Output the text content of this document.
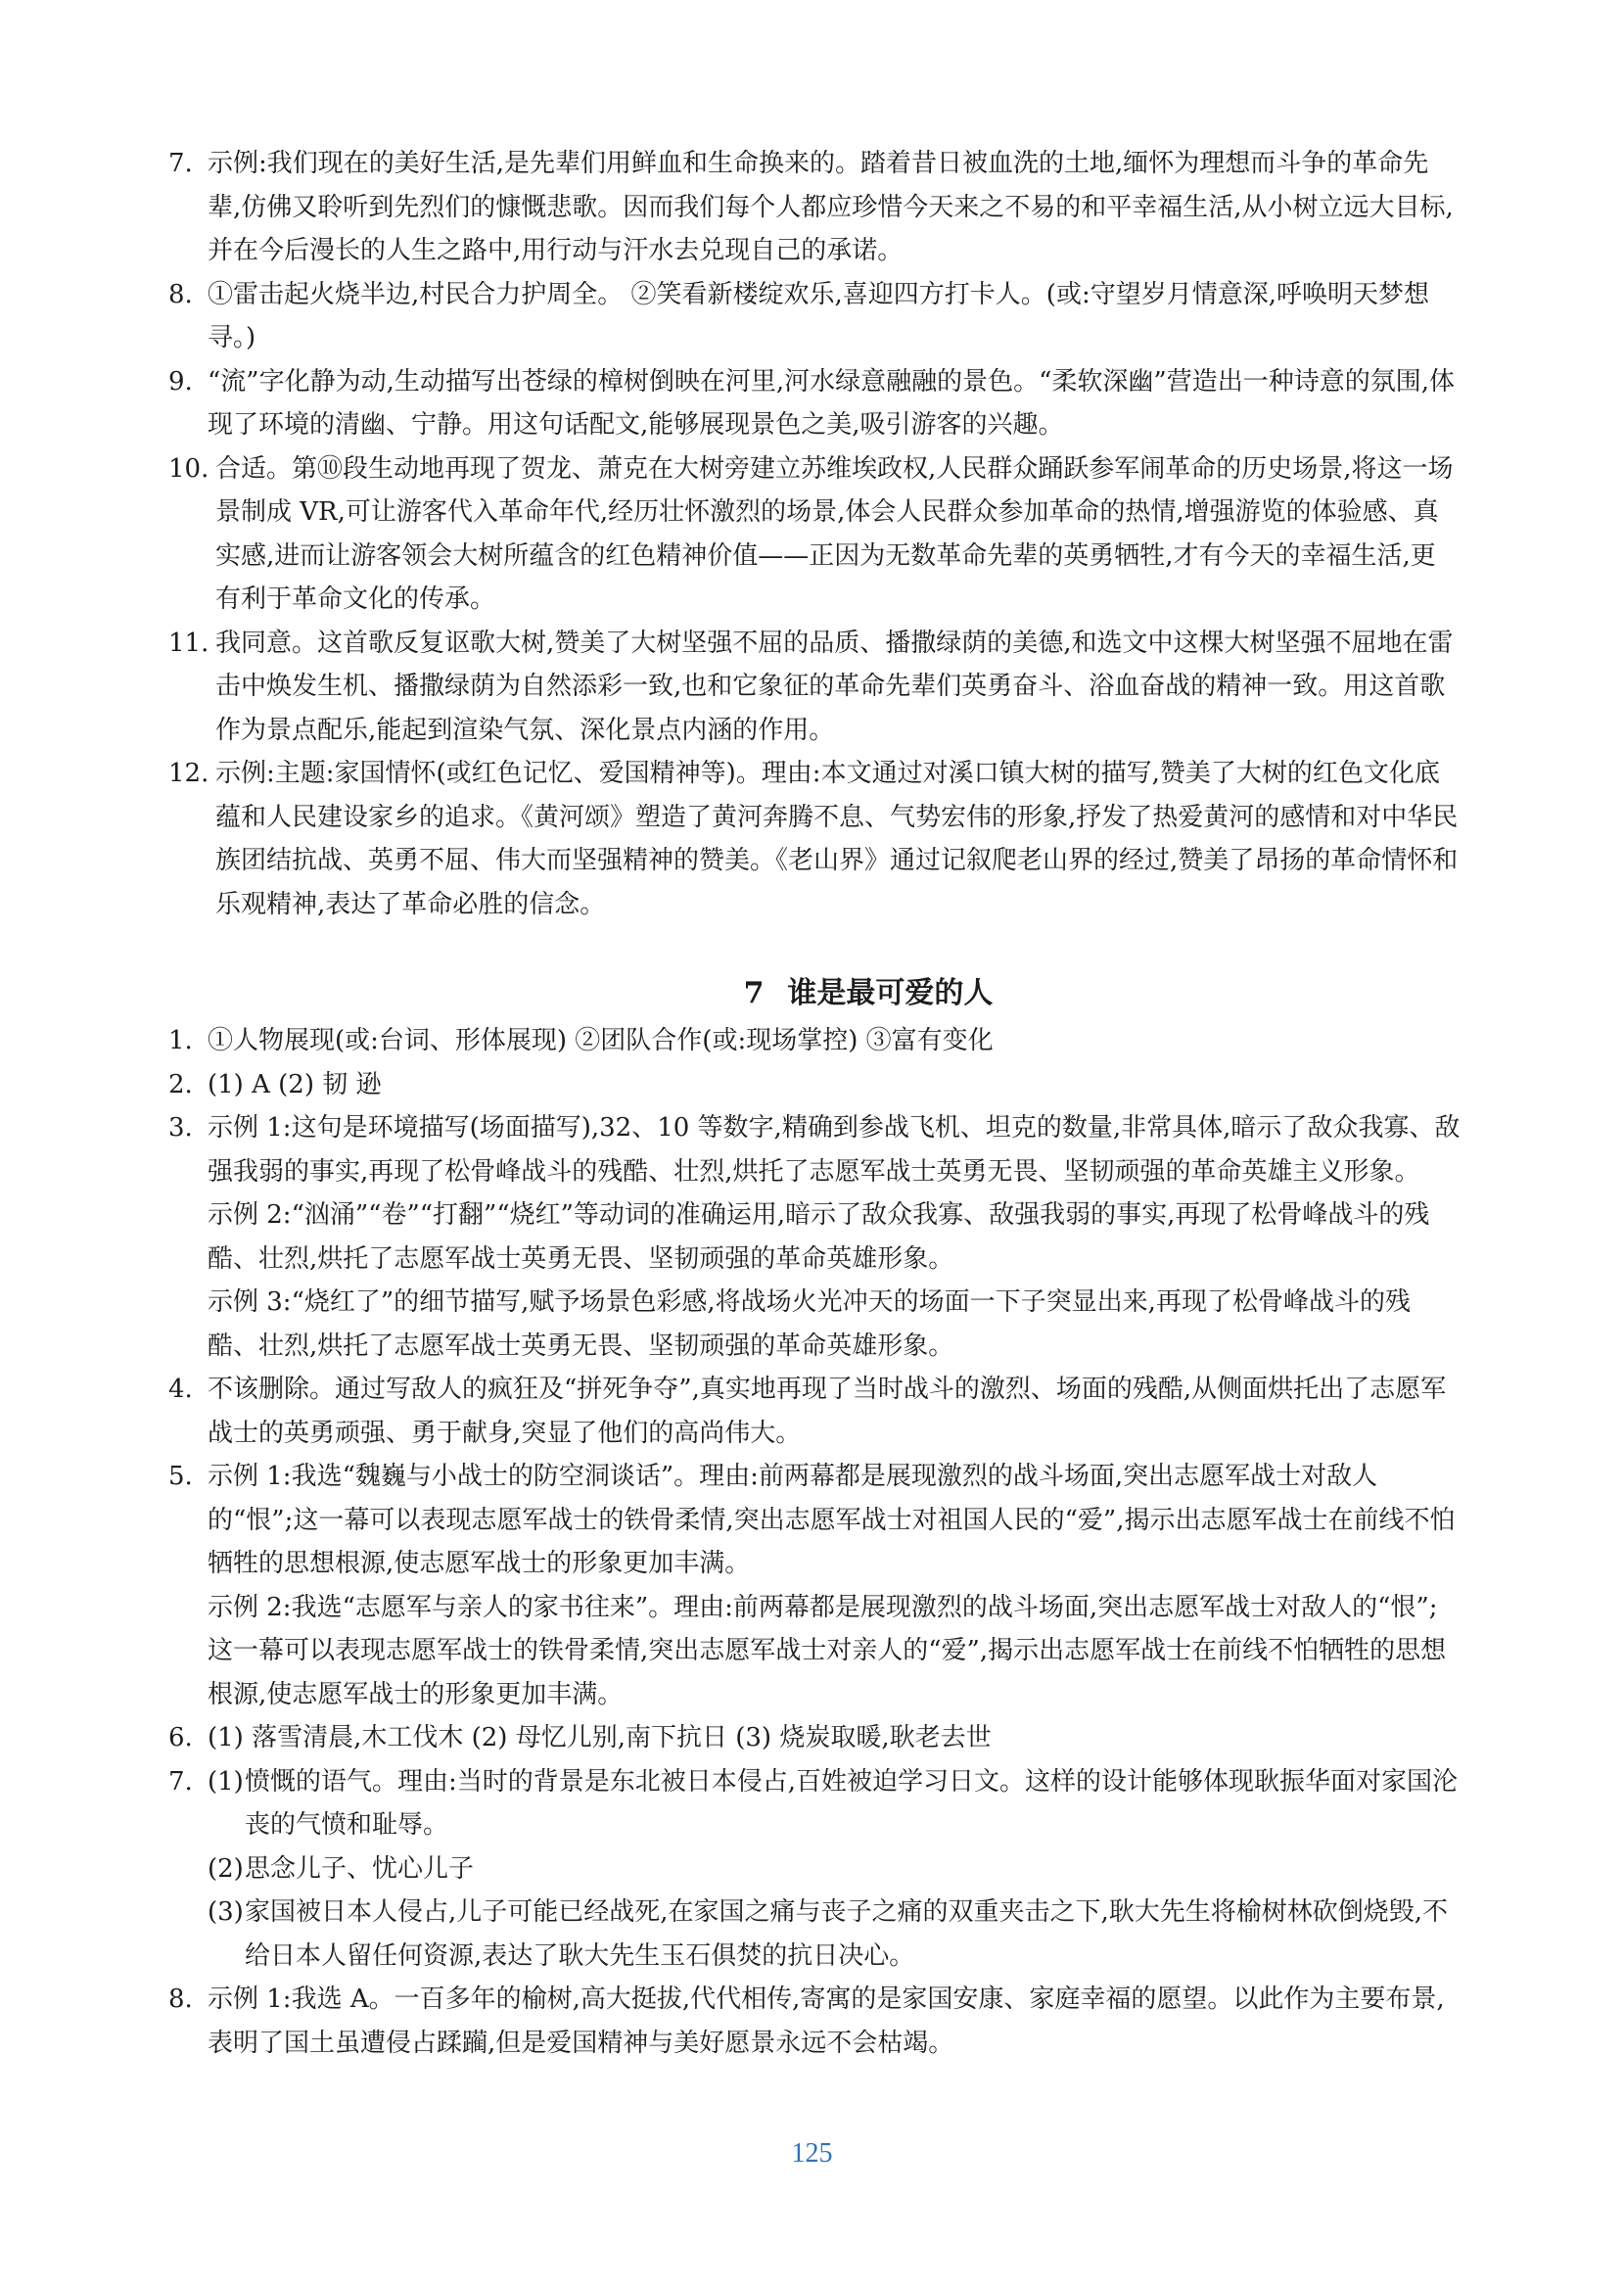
7. 示例:我们现在的美好生活,是先辈们用鲜血和生命换来的。踏着昔日被血洗的土地,缅怀为理想而斗争的革命先辈,仿佛又聆听到先烈们的慷慨悲歌。因而我们每个人都应珍惜今天来之不易的和平幸福生活,从小树立远大目标,并在今后漫长的人生之路中,用行动与汗水去兑现自己的承诺。
8. ①雷击起火烧半边,村民合力护周全。 ②笑看新楼绽欢乐,喜迎四方打卡人。(或:守望岁月情意深,呼唤明天梦想寻。)
9. “流”字化静为动,生动描写出苍绿的樟树倒映在河里,河水绿意融融的景色。“柔软深幽”营造出一种诗意的氛围,体现了环境的清幽、宁静。用这句话配文,能够展现景色之美,吸引游客的兴趣。
10. 合适。第⑩段生动地再现了贺龙、萧克在大树旁建立苏维埃政权,人民群众踊跃参军闹革命的历史场景,将这一场景制成 VR,可让游客代入革命年代,经历壮怀激烈的场景,体会人民群众参加革命的热情,增强游览的体验感、真实感,进而让游客领会大树所蕴含的红色精神价值——正因为无数革命先辈的英勇牺牲,才有今天的幸福生活,更有利于革命文化的传承。
11. 我同意。这首歌反复讴歌大树,赞美了大树坚强不屈的品质、播撒绿荫的美德,和选文中这棵大树坚强不屈地在雷击中焕发生机、播撒绿荫为自然添彩一致,也和它象征的革命先辈们英勇奋斗、浴血奋战的精神一致。用这首歌作为景点配乐,能起到渲染气氛、深化景点内涵的作用。
12. 示例:主题:家国情怀(或红色记忆、爱国精神等)。理由:本文通过对溪口镇大树的描写,赞美了大树的红色文化底蕴和人民建设家乡的追求。《黄河颂》塑造了黄河奔腾不息、气势宏伟的形象,抒发了热爱黄河的感情和对中华民族团结抗战、英勇不屈、伟大而坚强精神的赞美。《老山界》通过记叙爬老山界的经过,赞美了昂扬的革命情怀和乐观精神,表达了革命必胜的信念。
7 谁是最可爱的人
1. ①人物展现(或:台词、形体展现) ②团队合作(或:现场掌控) ③富有变化
2. (1) A (2) 韧 逊
3. 示例 1:这句是环境描写(场面描写),32、10 等数字,精确到参战飞机、坦克的数量,非常具体,暗示了敌众我寡、敌强我弱的事实,再现了松骨峰战斗的残酷、壮烈,烘托了志愿军战士英勇无畏、坚韧顽强的革命英雄主义形象。
示例 2:“汹涌”“卷”“打翻”“烧红”等动词的准确运用,暗示了敌众我寡、敌强我弱的事实,再现了松骨峰战斗的残酷、壮烈,烘托了志愿军战士英勇无畏、坚韧顽强的革命英雄形象。
示例 3:“烧红了”的细节描写,赋予场景色彩感,将战场火光冲天的场面一下子突显出来,再现了松骨峰战斗的残酷、壮烈,烘托了志愿军战士英勇无畏、坚韧顽强的革命英雄形象。
4. 不该删除。通过写敌人的疯狂及“拼死争夺”,真实地再现了当时战斗的激烈、场面的残酷,从侧面烘托出了志愿军战士的英勇顽强、勇于献身,突显了他们的高尚伟大。
5. 示例 1:我选“魏巍与小战士的防空洞谈话”。理由:前两幕都是展现激烈的战斗场面,突出志愿军战士对敌人的“恨”;这一幕可以表现志愿军战士的铁骨柔情,突出志愿军战士对祖国人民的“爱”,揭示出志愿军战士在前线不怕牺牲的思想根源,使志愿军战士的形象更加丰满。
示例 2:我选“志愿军与亲人的家书往来”。理由:前两幕都是展现激烈的战斗场面,突出志愿军战士对敌人的“恨”;这一幕可以表现志愿军战士的铁骨柔情,突出志愿军战士对亲人的“爱”,揭示出志愿军战士在前线不怕牺牲的思想根源,使志愿军战士的形象更加丰满。
6. (1) 落雪清晨,木工伐木 (2) 母忆儿别,南下抗日 (3) 烧炭取暖,耿老去世
7. (1) 愤慨的语气。理由:当时的背景是东北被日本侵占,百姓被迫学习日文。这样的设计能够体现耿振华面对家国沦丧的气愤和耻辱。
(2) 思念儿子、忧心儿子
(3) 家国被日本人侵占,儿子可能已经战死,在家国之痛与丧子之痛的双重夹击之下,耿大先生将榆树林砍倒烧毁,不给日本人留任何资源,表达了耿大先生玉石俱焚的抗日决心。
8. 示例 1:我选 A。一百多年的榆树,高大挺拔,代代相传,寄寓的是家国安康、家庭幸福的愿望。以此作为主要布景,表明了国土虽遭侵占蹂躏,但是爱国精神与美好愿景永远不会枯竭。
125
